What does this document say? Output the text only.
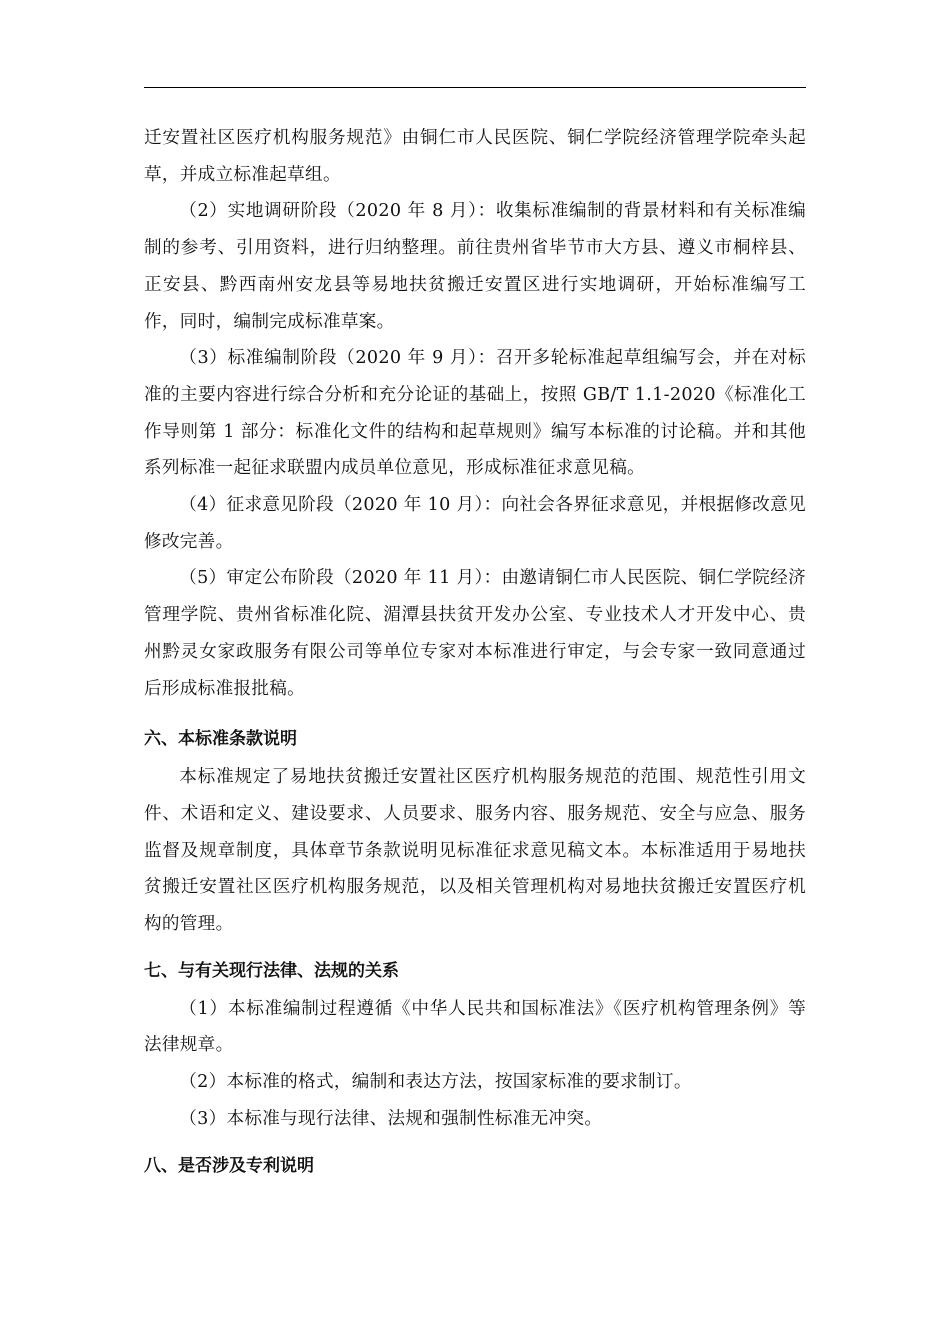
迁安置社区医疗机构服务规范》由铜仁市人民医院、铜仁学院经济管理学院牵头起草，并成立标准起草组。

（2）实地调研阶段（2020 年 8 月）：收集标准编制的背景材料和有关标准编制的参考、引用资料，进行归纳整理。前往贵州省毕节市大方县、遵义市桐梓县、正安县、黔西南州安龙县等易地扶贫搬迁安置区进行实地调研，开始标准编写工作，同时，编制完成标准草案。

（3）标准编制阶段（2020 年 9 月）：召开多轮标准起草组编写会，并在对标准的主要内容进行综合分析和充分论证的基础上，按照 GB/T 1.1-2020《标准化工作导则第 1 部分：标准化文件的结构和起草规则》编写本标准的讨论稿。并和其他系列标准一起征求联盟内成员单位意见，形成标准征求意见稿。

（4）征求意见阶段（2020 年 10 月）：向社会各界征求意见，并根据修改意见修改完善。

（5）审定公布阶段（2020 年 11 月）：由邀请铜仁市人民医院、铜仁学院经济管理学院、贵州省标准化院、湄潭县扶贫开发办公室、专业技术人才开发中心、贵州黔灵女家政服务有限公司等单位专家对本标准进行审定，与会专家一致同意通过后形成标准报批稿。

六、本标准条款说明

本标准规定了易地扶贫搬迁安置社区医疗机构服务规范的范围、规范性引用文件、术语和定义、建设要求、人员要求、服务内容、服务规范、安全与应急、服务监督及规章制度，具体章节条款说明见标准征求意见稿文本。本标准适用于易地扶贫搬迁安置社区医疗机构服务规范，以及相关管理机构对易地扶贫搬迁安置医疗机构的管理。

七、与有关现行法律、法规的关系

（1）本标准编制过程遵循《中华人民共和国标准法》《医疗机构管理条例》等法律规章。

（2）本标准的格式，编制和表达方法，按国家标准的要求制订。

（3）本标准与现行法律、法规和强制性标准无冲突。

八、是否涉及专利说明
